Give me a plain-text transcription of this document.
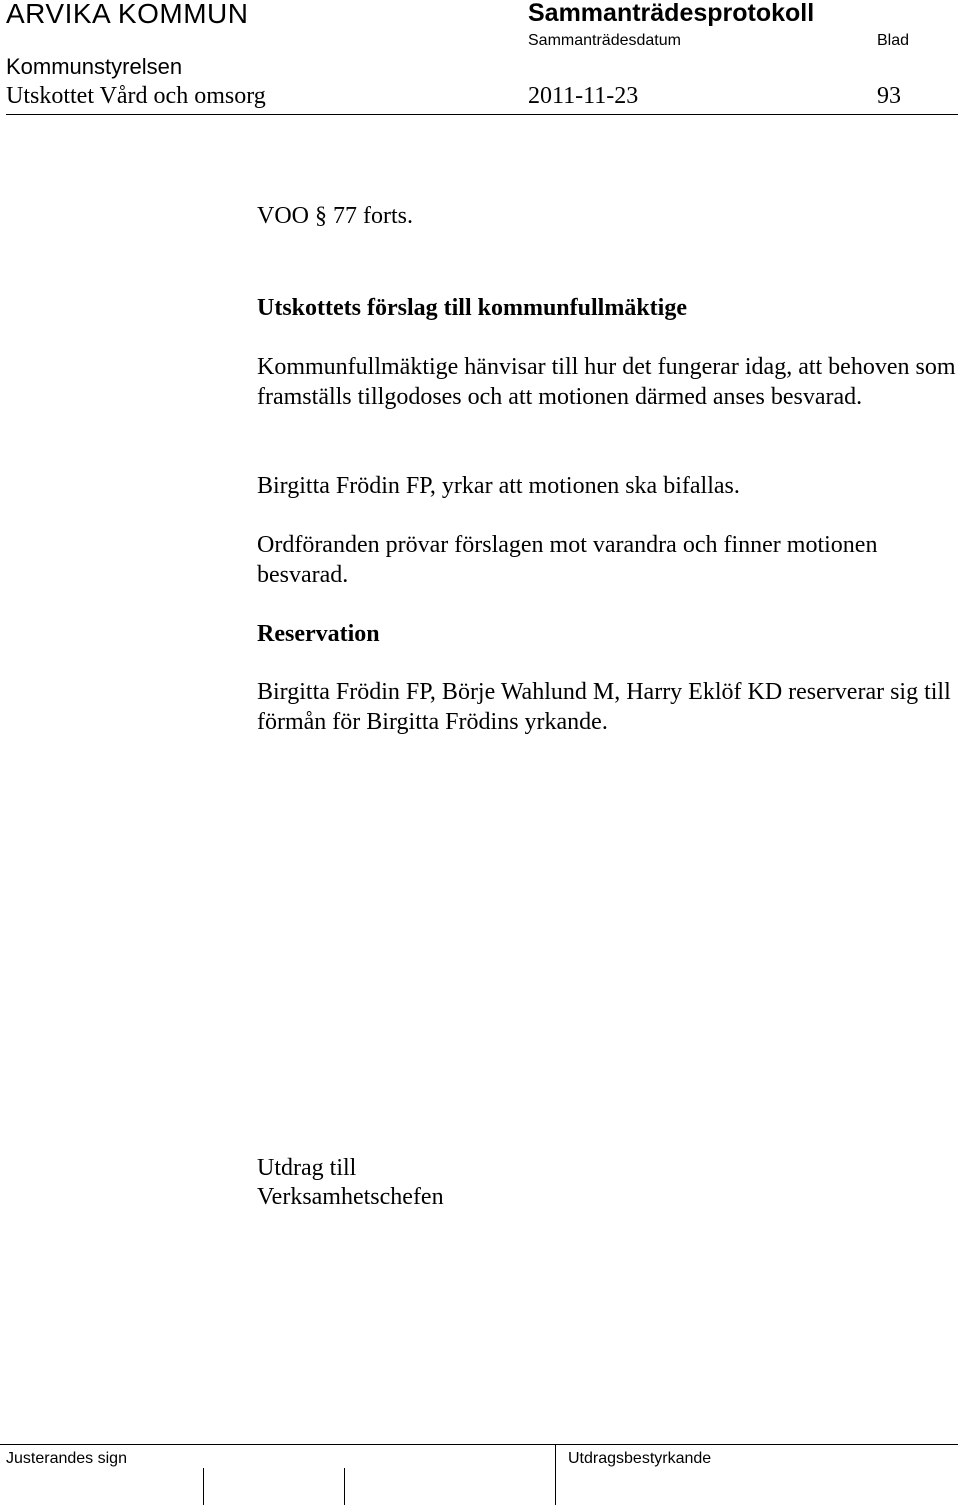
ARVIKA KOMMUN	Sammanträdesprotokoll
Sammanträdesdatum	Blad
Kommunstyrelsen
Utskottet Vård och omsorg	2011-11-23	93
VOO § 77 forts.
Utskottets förslag till kommunfullmäktige
Kommunfullmäktige hänvisar till hur det fungerar idag, att behoven som framställs tillgodoses och att motionen därmed anses besvarad.
Birgitta Frödin FP, yrkar att motionen ska bifallas.
Ordföranden prövar förslagen mot varandra och finner motionen besvarad.
Reservation
Birgitta Frödin FP, Börje Wahlund M, Harry Eklöf KD reserverar sig till förmån för Birgitta Frödins yrkande.
Utdrag till
Verksamhetschefen
Justerandes sign	Utdragsbestyrkande
